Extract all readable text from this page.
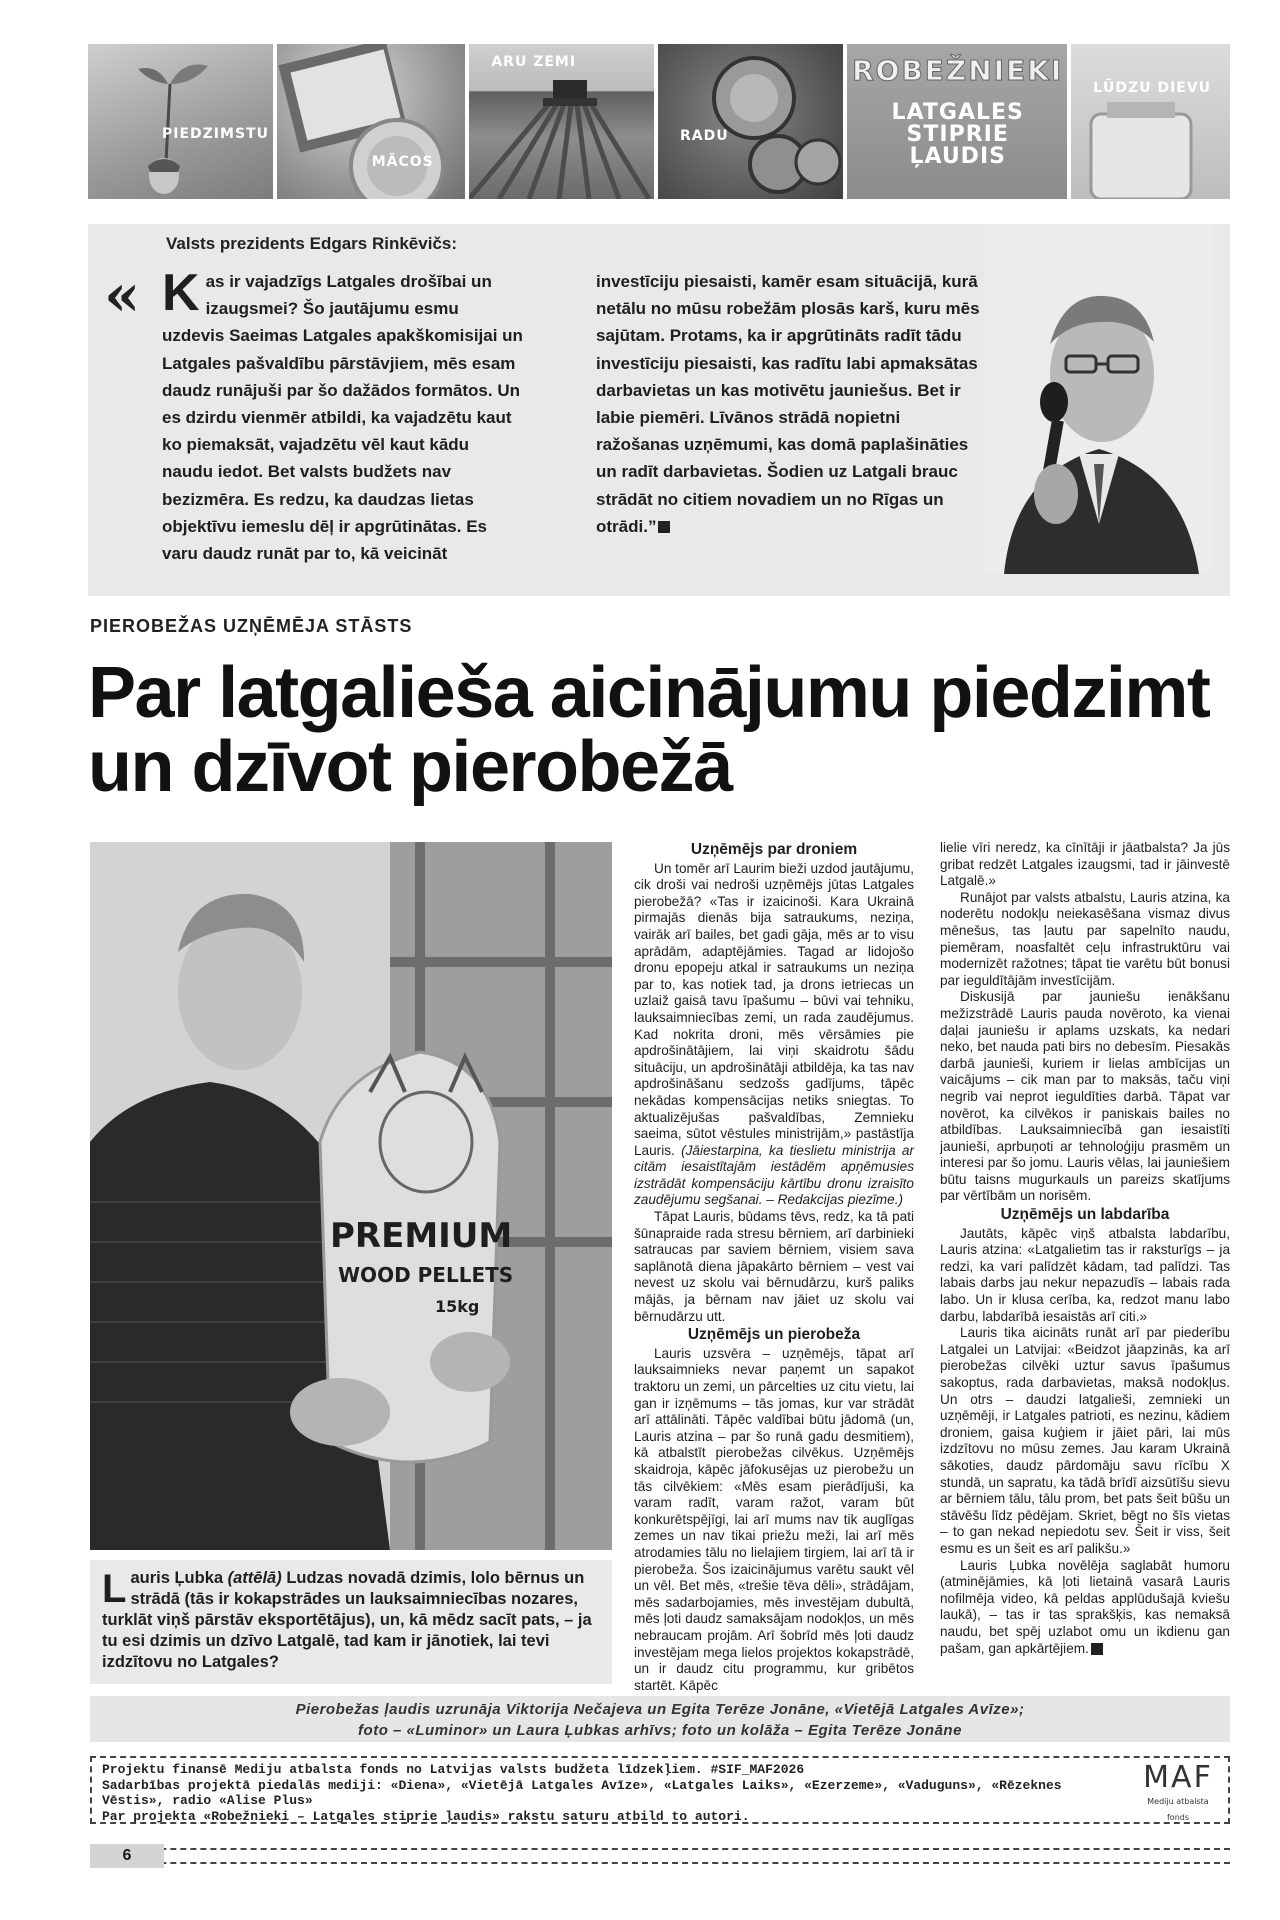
PIEDZIMSTU
MĀCOS
ARU ZEMI
RADU
ROBEŽNIEKI
LATGALES
STIPRIE
ĻAUDIS
LŪDZU DIEVU
Valsts prezidents Edgars Rinkēvičs:
« Kas ir vajadzīgs Latgales drošībai un izaugsmei? Šo jautājumu esmu uzdevis Saeimas Latgales apakškomisijai un Latgales pašvaldību pārstāvjiem, mēs esam daudz runājuši par šo dažādos formātos. Un es dzirdu vienmēr atbildi, ka vajadzētu kaut ko piemaksāt, vajadzētu vēl kaut kādu naudu iedot. Bet valsts budžets nav bezizmēra. Es redzu, ka daudzas lietas objektīvu iemeslu dēļ ir apgrūtinātas. Es varu daudz runāt par to, kā veicināt
investīciju piesaisti, kamēr esam situācijā, kurā netālu no mūsu robežām plosās karš, kuru mēs sajūtam. Protams, ka ir apgrūtināts radīt tādu investīciju piesaisti, kas radītu labi apmaksātas darbavietas un kas motivētu jauniešus. Bet ir labie piemēri. Līvānos strādā nopietni ražošanas uzņēmumi, kas domā paplašināties un radīt darbavietas. Šodien uz Latgali brauc strādāt no citiem novadiem un no Rīgas un otrādi.”
PIEROBEŽAS UZŅĒMĒJA STĀSTS
Par latgalieša aicinājumu piedzimt
un dzīvot pierobežā
PREMIUM
WOOD PELLETS
15kg
Lauris Ļubka (attēlā) Ludzas novadā dzimis, lolo bērnus un strādā (tās ir kokapstrādes un lauksaimniecības nozares, turklāt viņš pārstāv eksportētājus), un, kā mēdz sacīt pats, – ja tu esi dzimis un dzīvo Latgalē, tad kam ir jānotiek, lai tevi izdzītovu no Latgales?
Uzņēmējs par droniem

Un tomēr arī Laurim bieži uzdod jautājumu, cik droši vai nedroši uzņēmējs jūtas Latgales pierobežā? «Tas ir izaicinoši. Kara Ukrainā pirmajās dienās bija satraukums, neziņa, vairāk arī bailes, bet gadi gāja, mēs ar to visu aprādām, adaptējāmies. Tagad ar lidojošo dronu epopeju atkal ir satraukums un neziņa par to, kas notiek tad, ja drons ietriecas un uzlaiž gaisā tavu īpašumu – būvi vai tehniku, lauksaimniecības zemi, un rada zaudējumus. Kad nokrita droni, mēs vērsāmies pie apdrošinātājiem, lai viņi skaidrotu šādu situāciju, un apdrošinātāji atbildēja, ka tas nav apdrošināšanu sedzošs gadījums, tāpēc nekādas kompensācijas netiks sniegtas. To aktualizējušas pašvaldības, Zemnieku saeima, sūtot vēstules ministrijām,» pastāstīja Lauris. (Jāiestarpina, ka tieslietu ministrija ar citām iesaistītajām iestādēm apņēmusies izstrādāt kompensāciju kārtību dronu izraisīto zaudējumu segšanai. – Redakcijas piezīme.)

Tāpat Lauris, būdams tēvs, redz, ka tā pati šūnapraide rada stresu bērniem, arī darbinieki satraucas par saviem bērniem, visiem sava saplānotā diena jāpakārto bērniem – vest vai nevest uz skolu vai bērnudārzu, kurš paliks mājās, ja bērnam nav jāiet uz skolu vai bērnudārzu utt.

Uzņēmējs un pierobeža

Lauris uzsvēra – uzņēmējs, tāpat arī lauksaimnieks nevar paņemt un sapakot traktoru un zemi, un pārcelties uz citu vietu, lai gan ir izņēmums – tās jomas, kur var strādāt arī attālināti. Tāpēc valdībai būtu jādomā (un, Lauris atzina – par šo runā gadu desmitiem), kā atbalstīt pierobežas cilvēkus. Uzņēmējs skaidroja, kāpēc jāfokusējas uz pierobežu un tās cilvēkiem: «Mēs esam pierādījuši, ka varam radīt, varam ražot, varam būt konkurētspējīgi, lai arī mums nav tik auglīgas zemes un nav tikai priežu meži, lai arī mēs atrodamies tālu no lielajiem tirgiem, lai arī tā ir pierobeža. Šos izaicinājumus varētu saukt vēl un vēl. Bet mēs, «trešie tēva dēli», strādājam, mēs sadarbojamies, mēs investējam dubultā, mēs ļoti daudz samaksājam nodokļos, un mēs nebraucam projām. Arī šobrīd mēs ļoti daudz investējam mega lielos projektos kokapstrādē, un ir daudz citu programmu, kur gribētos startēt. Kāpēc

lielie vīri neredz, ka cīnītāji ir jāatbalsta? Ja jūs gribat redzēt Latgales izaugsmi, tad ir jāinvestē Latgalē.»

Runājot par valsts atbalstu, Lauris atzina, ka noderētu nodokļu neiekasēšana vismaz divus mēnešus, tas ļautu par sapelnīto naudu, piemēram, noasfaltēt ceļu infrastruktūru vai modernizēt ražotnes; tāpat tie varētu būt bonusi par ieguldītājām investīcijām.

Diskusijā par jauniešu ienākšanu mežizstrādē Lauris pauda novēroto, ka vienai daļai jauniešu ir aplams uzskats, ka nedari neko, bet nauda pati birs no debesīm. Piesakās darbā jaunieši, kuriem ir lielas ambīcijas un vaicājums – cik man par to maksās, taču viņi negrib vai neprot ieguldīties darbā. Tāpat var novērot, ka cilvēkos ir paniskais bailes no atbildības. Lauksaimniecībā gan iesaistīti jaunieši, aprbuņoti ar tehnoloģiju prasmēm un interesi par šo jomu. Lauris vēlas, lai jauniešiem būtu taisns mugurkauls un pareizs skatījums par vērtībām un norisēm.

Uzņēmējs un labdarība

Jautāts, kāpēc viņš atbalsta labdarību, Lauris atzina: «Latgalietim tas ir raksturīgs – ja redzi, ka vari palīdzēt kādam, tad palīdzi. Tas labais darbs jau nekur nepazudīs – labais rada labo. Un ir klusa cerība, ka, redzot manu labo darbu, labdarībā iesaistās arī citi.»

Lauris tika aicināts runāt arī par piederību Latgalei un Latvijai: «Beidzot jāapzinās, ka arī pierobežas cilvēki uztur savus īpašumus sakoptus, rada darbavietas, maksā nodokļus. Un otrs – daudzi latgalieši, zemnieki un uzņēmēji, ir Latgales patrioti, es nezinu, kādiem droniem, gaisa kuģiem ir jāiet pāri, lai mūs izdzītovu no mūsu zemes. Jau karam Ukrainā sākoties, daudz pārdomāju savu rīcību X stundā, un sapratu, ka tādā brīdī aizsūtīšu sievu ar bērniem tālu, tālu prom, bet pats šeit būšu un stāvēšu līdz pēdējam. Skriet, bēgt no šīs vietas – to gan nekad nepiedotu sev. Šeit ir viss, šeit esmu es un šeit es arī palikšu.»

Lauris Ļubka novēlēja saglabāt humoru (atminējāmies, kā ļoti lietainā vasarā Lauris nofilmēja video, kā peldas applūdušajā kviešu laukā), – tas ir tas sprakšķis, kas nemaksā naudu, bet spēj uzlabot omu un ikdienu gan pašam, gan apkārtējiem.

Pierobežas ļaudis uzrunāja Viktorija Nečajeva un Egita Terēze Jonāne, «Vietējā Latgales Avīze»;
foto – «Luminor» un Laura Ļubkas arhīvs; foto un kolāža – Egita Terēze Jonāne
Projektu finansē Mediju atbalsta fonds no Latvijas valsts budžeta līdzekļiem. #SIF_MAF2026
Sadarbības projektā piedalās mediji: «Diena», «Vietējā Latgales Avīze», «Latgales Laiks», «Ezerzeme», «Vaduguns», «Rēzeknes Vēstis», radio «Alise Plus»
Par projekta «Robežnieki – Latgales stiprie ļaudis» rakstu saturu atbild to autori.
MAF
Mediju atbalsta fonds
6
